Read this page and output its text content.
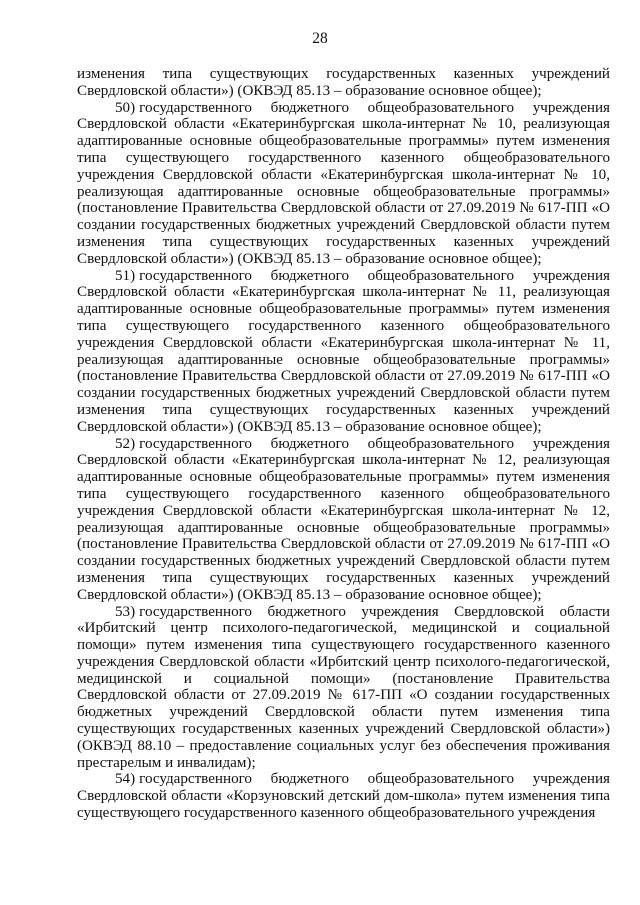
28

изменения типа существующих государственных казенных учреждений Свердловской области») (ОКВЭД 85.13 – образование основное общее);

50) государственного бюджетного общеобразовательного учреждения Свердловской области «Екатеринбургская школа-интернат № 10, реализующая адаптированные основные общеобразовательные программы» путем изменения типа существующего государственного казенного общеобразовательного учреждения Свердловской области «Екатеринбургская школа-интернат № 10, реализующая адаптированные основные общеобразовательные программы» (постановление Правительства Свердловской области от 27.09.2019 № 617-ПП «О создании государственных бюджетных учреждений Свердловской области путем изменения типа существующих государственных казенных учреждений Свердловской области») (ОКВЭД 85.13 – образование основное общее);

51) государственного бюджетного общеобразовательного учреждения Свердловской области «Екатеринбургская школа-интернат № 11, реализующая адаптированные основные общеобразовательные программы» путем изменения типа существующего государственного казенного общеобразовательного учреждения Свердловской области «Екатеринбургская школа-интернат № 11, реализующая адаптированные основные общеобразовательные программы» (постановление Правительства Свердловской области от 27.09.2019 № 617-ПП «О создании государственных бюджетных учреждений Свердловской области путем изменения типа существующих государственных казенных учреждений Свердловской области») (ОКВЭД 85.13 – образование основное общее);

52) государственного бюджетного общеобразовательного учреждения Свердловской области «Екатеринбургская школа-интернат № 12, реализующая адаптированные основные общеобразовательные программы» путем изменения типа существующего государственного казенного общеобразовательного учреждения Свердловской области «Екатеринбургская школа-интернат № 12, реализующая адаптированные основные общеобразовательные программы» (постановление Правительства Свердловской области от 27.09.2019 № 617-ПП «О создании государственных бюджетных учреждений Свердловской области путем изменения типа существующих государственных казенных учреждений Свердловской области») (ОКВЭД 85.13 – образование основное общее);

53) государственного бюджетного учреждения Свердловской области «Ирбитский центр психолого-педагогической, медицинской и социальной помощи» путем изменения типа существующего государственного казенного учреждения Свердловской области «Ирбитский центр психолого-педагогической, медицинской и социальной помощи» (постановление Правительства Свердловской области от 27.09.2019 № 617-ПП «О создании государственных бюджетных учреждений Свердловской области путем изменения типа существующих государственных казенных учреждений Свердловской области») (ОКВЭД 88.10 – предоставление социальных услуг без обеспечения проживания престарелым и инвалидам);

54) государственного бюджетного общеобразовательного учреждения Свердловской области «Корзуновский детский дом-школа» путем изменения типа существующего государственного казенного общеобразовательного учреждения
